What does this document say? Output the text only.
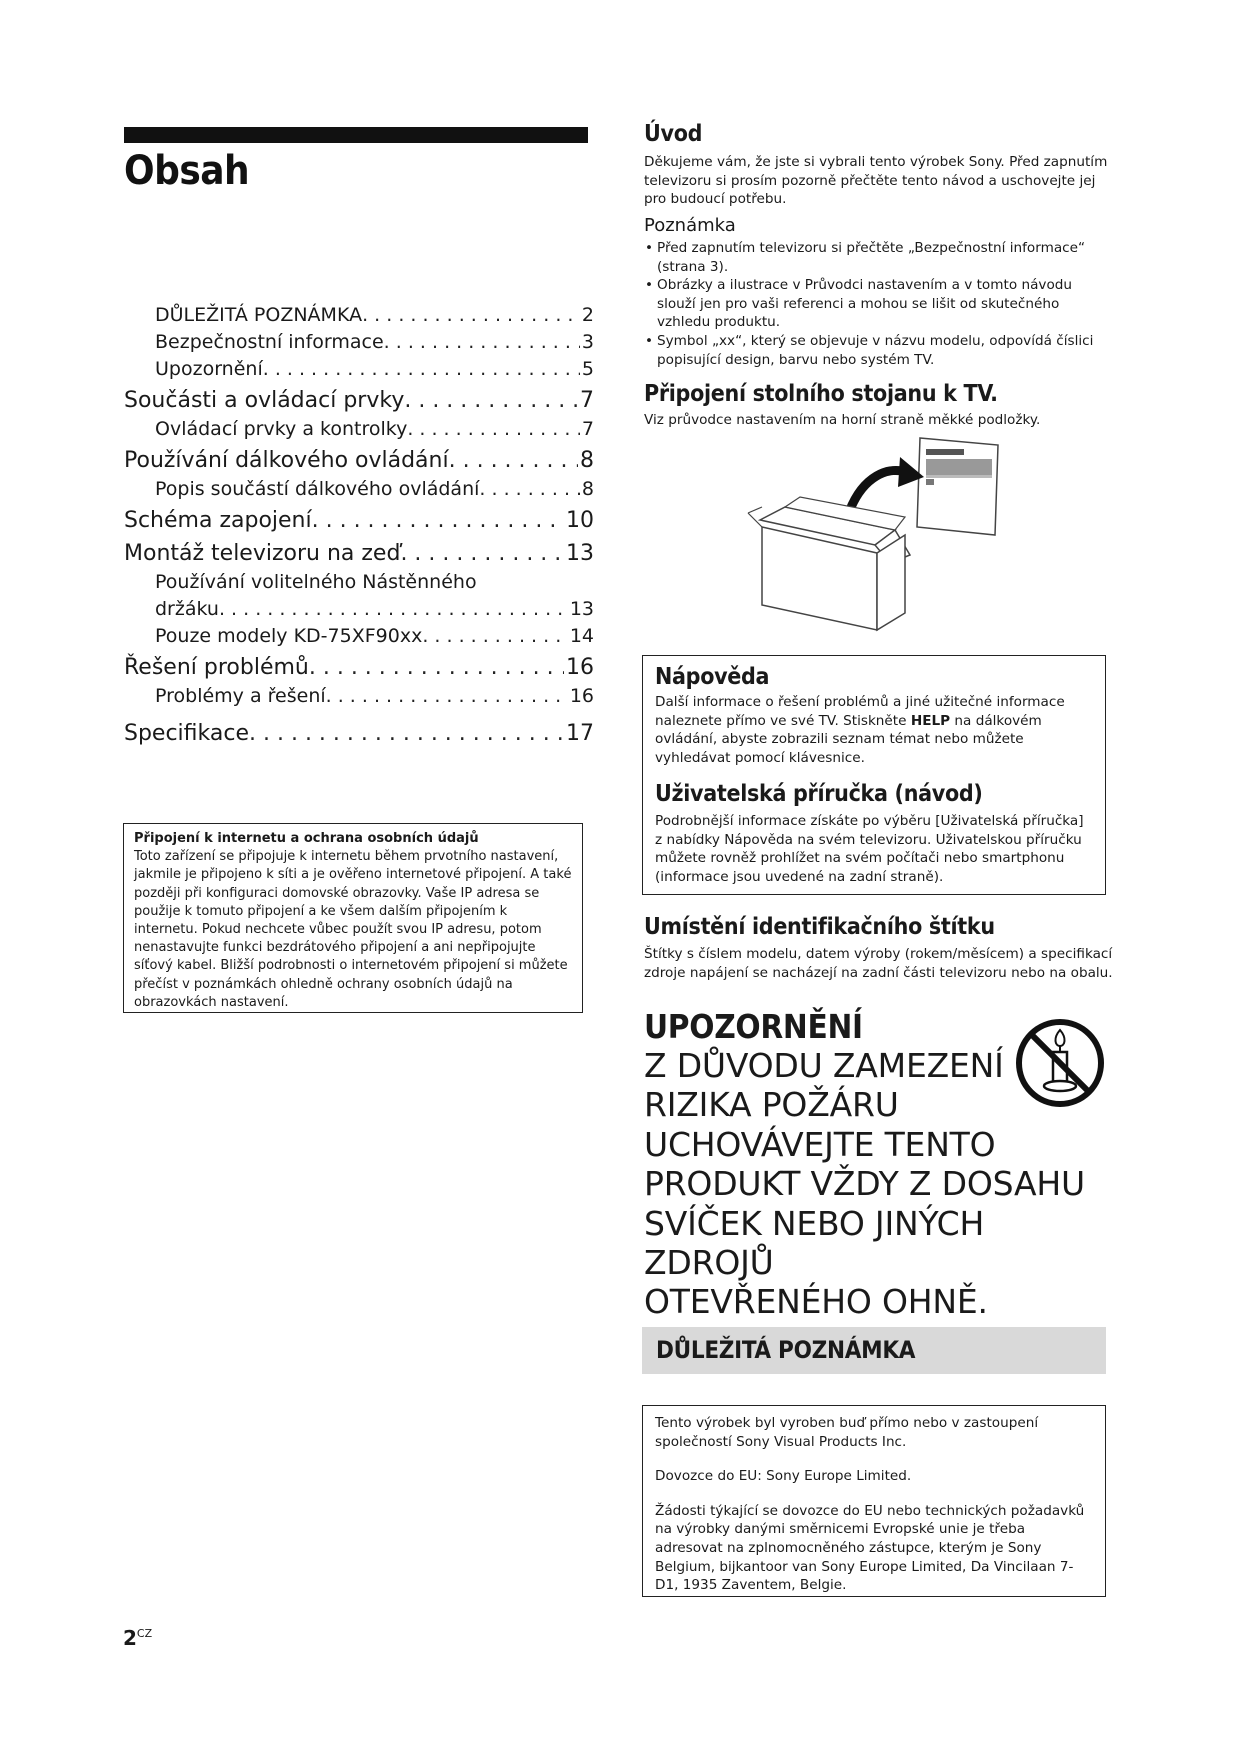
Obsah
DŮLEŽITÁ POZNÁMKA . . .	2
Bezpečnostní informace . . .	3
Upozornění . . .	5
Součásti a ovládací prvky . . .	7
Ovládací prvky a kontrolky . . .	7
Používání dálkového ovládání . . .	8
Popis součástí dálkového ovládání . . .	8
Schéma zapojení . . .	10
Montáž televizoru na zeď . . .	13
Používání volitelného Nástěnného
držáku . . .	13
Pouze modely KD-75XF90xx . . .	14
Řešení problémů . . .	16
Problémy a řešení . . .	16
Specifikace . . .	17
Připojení k internetu a ochrana osobních údajů
Toto zařízení se připojuje k internetu během prvotního nastavení, jakmile je připojeno k síti a je ověřeno internetové připojení. A také později při konfiguraci domovské obrazovky. Vaše IP adresa se použije k tomuto připojení a ke všem dalším připojením k internetu. Pokud nechcete vůbec použít svou IP adresu, potom nenastavujte funkci bezdrátového připojení a ani nepřipojujte síťový kabel. Bližší podrobnosti o internetovém připojení si můžete přečíst v poznámkách ohledně ochrany osobních údajů na obrazovkách nastavení.
$2^{CZ}$
Úvod
Děkujeme vám, že jste si vybrali tento výrobek Sony. Před zapnutím televizoru si prosím pozorně přečtěte tento návod a uschovejte jej pro budoucí potřebu.
Poznámka
• Před zapnutím televizoru si přečtěte „Bezpečnostní informace“ (strana 3).
• Obrázky a ilustrace v Průvodci nastavením a v tomto návodu slouží jen pro vaši referenci a mohou se lišit od skutečného vzhledu produktu.
• Symbol „xx“, který se objevuje v názvu modelu, odpovídá číslici popisující design, barvu nebo systém TV.
Připojení stolního stojanu k TV.
Viz průvodce nastavením na horní straně měkké podložky.
Nápověda
Další informace o řešení problémů a jiné užitečné informace naleznete přímo ve své TV. Stiskněte HELP na dálkovém ovládání, abyste zobrazili seznam témat nebo můžete vyhledávat pomocí klávesnice.
Uživatelská příručka (návod)
Podrobnější informace získáte po výběru [Uživatelská příručka] z nabídky Nápověda na svém televizoru. Uživatelskou příručku můžete rovněž prohlížet na svém počítači nebo smartphonu (informace jsou uvedené na zadní straně).
Umístění identifikačního štítku
Štítky s číslem modelu, datem výroby (rokem/měsícem) a specifikací zdroje napájení se nacházejí na zadní části televizoru nebo na obalu.
UPOZORNĚNÍ
Z DŮVODU ZAMEZENÍ
RIZIKA POŽÁRU
UCHOVÁVEJTE TENTO
PRODUKT VŽDY Z DOSAHU
SVÍČEK NEBO JINÝCH ZDROJŮ
OTEVŘENÉHO OHNĚ.
DŮLEŽITÁ POZNÁMKA

Tento výrobek byl vyroben buď přímo nebo v zastoupení společností Sony Visual Products Inc.

Dovozce do EU: Sony Europe Limited.

Žádosti týkající se dovozce do EU nebo technických požadavků na výrobky danými směrnicemi Evropské unie je třeba adresovat na zplnomocněného zástupce, kterým je Sony Belgium, bijkantoor van Sony Europe Limited, Da Vincilaan 7-D1, 1935 Zaventem, Belgie.
